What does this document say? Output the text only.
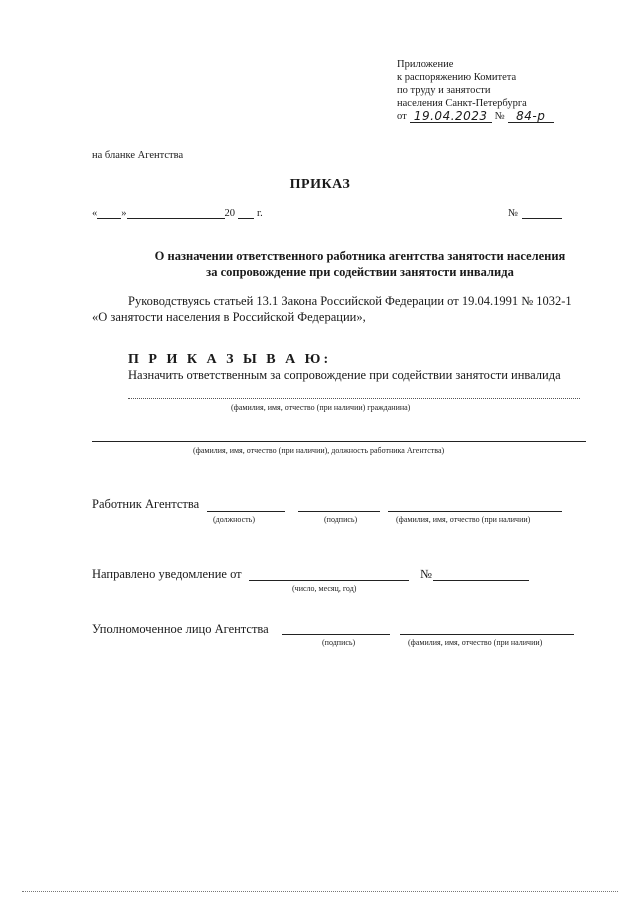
Приложение
к распоряжению Комитета
по труду и занятости
населения Санкт-Петербурга
от 19.04.2023 № 84-р
на бланке Агентства
ПРИКАЗ
« »	20 г.	№
О назначении ответственного работника агентства занятости населения
за сопровождение при содействии занятости инвалида
Руководствуясь статьей 13.1 Закона Российской Федерации от 19.04.1991 № 1032-1
«О занятости населения в Российской Федерации»,
П Р И К А З Ы В А Ю:
Назначить ответственным за сопровождение при содействии занятости инвалида
(фамилия, имя, отчество (при наличии) гражданина)
(фамилия, имя, отчество (при наличии), должность работника Агентства)
Работник Агентства
(должность)	(подпись)	(фамилия, имя, отчество (при наличии)
Направлено уведомление от	№
(число, месяц, год)
Уполномоченное лицо Агентства
(подпись)	(фамилия, имя, отчество (при наличии)
